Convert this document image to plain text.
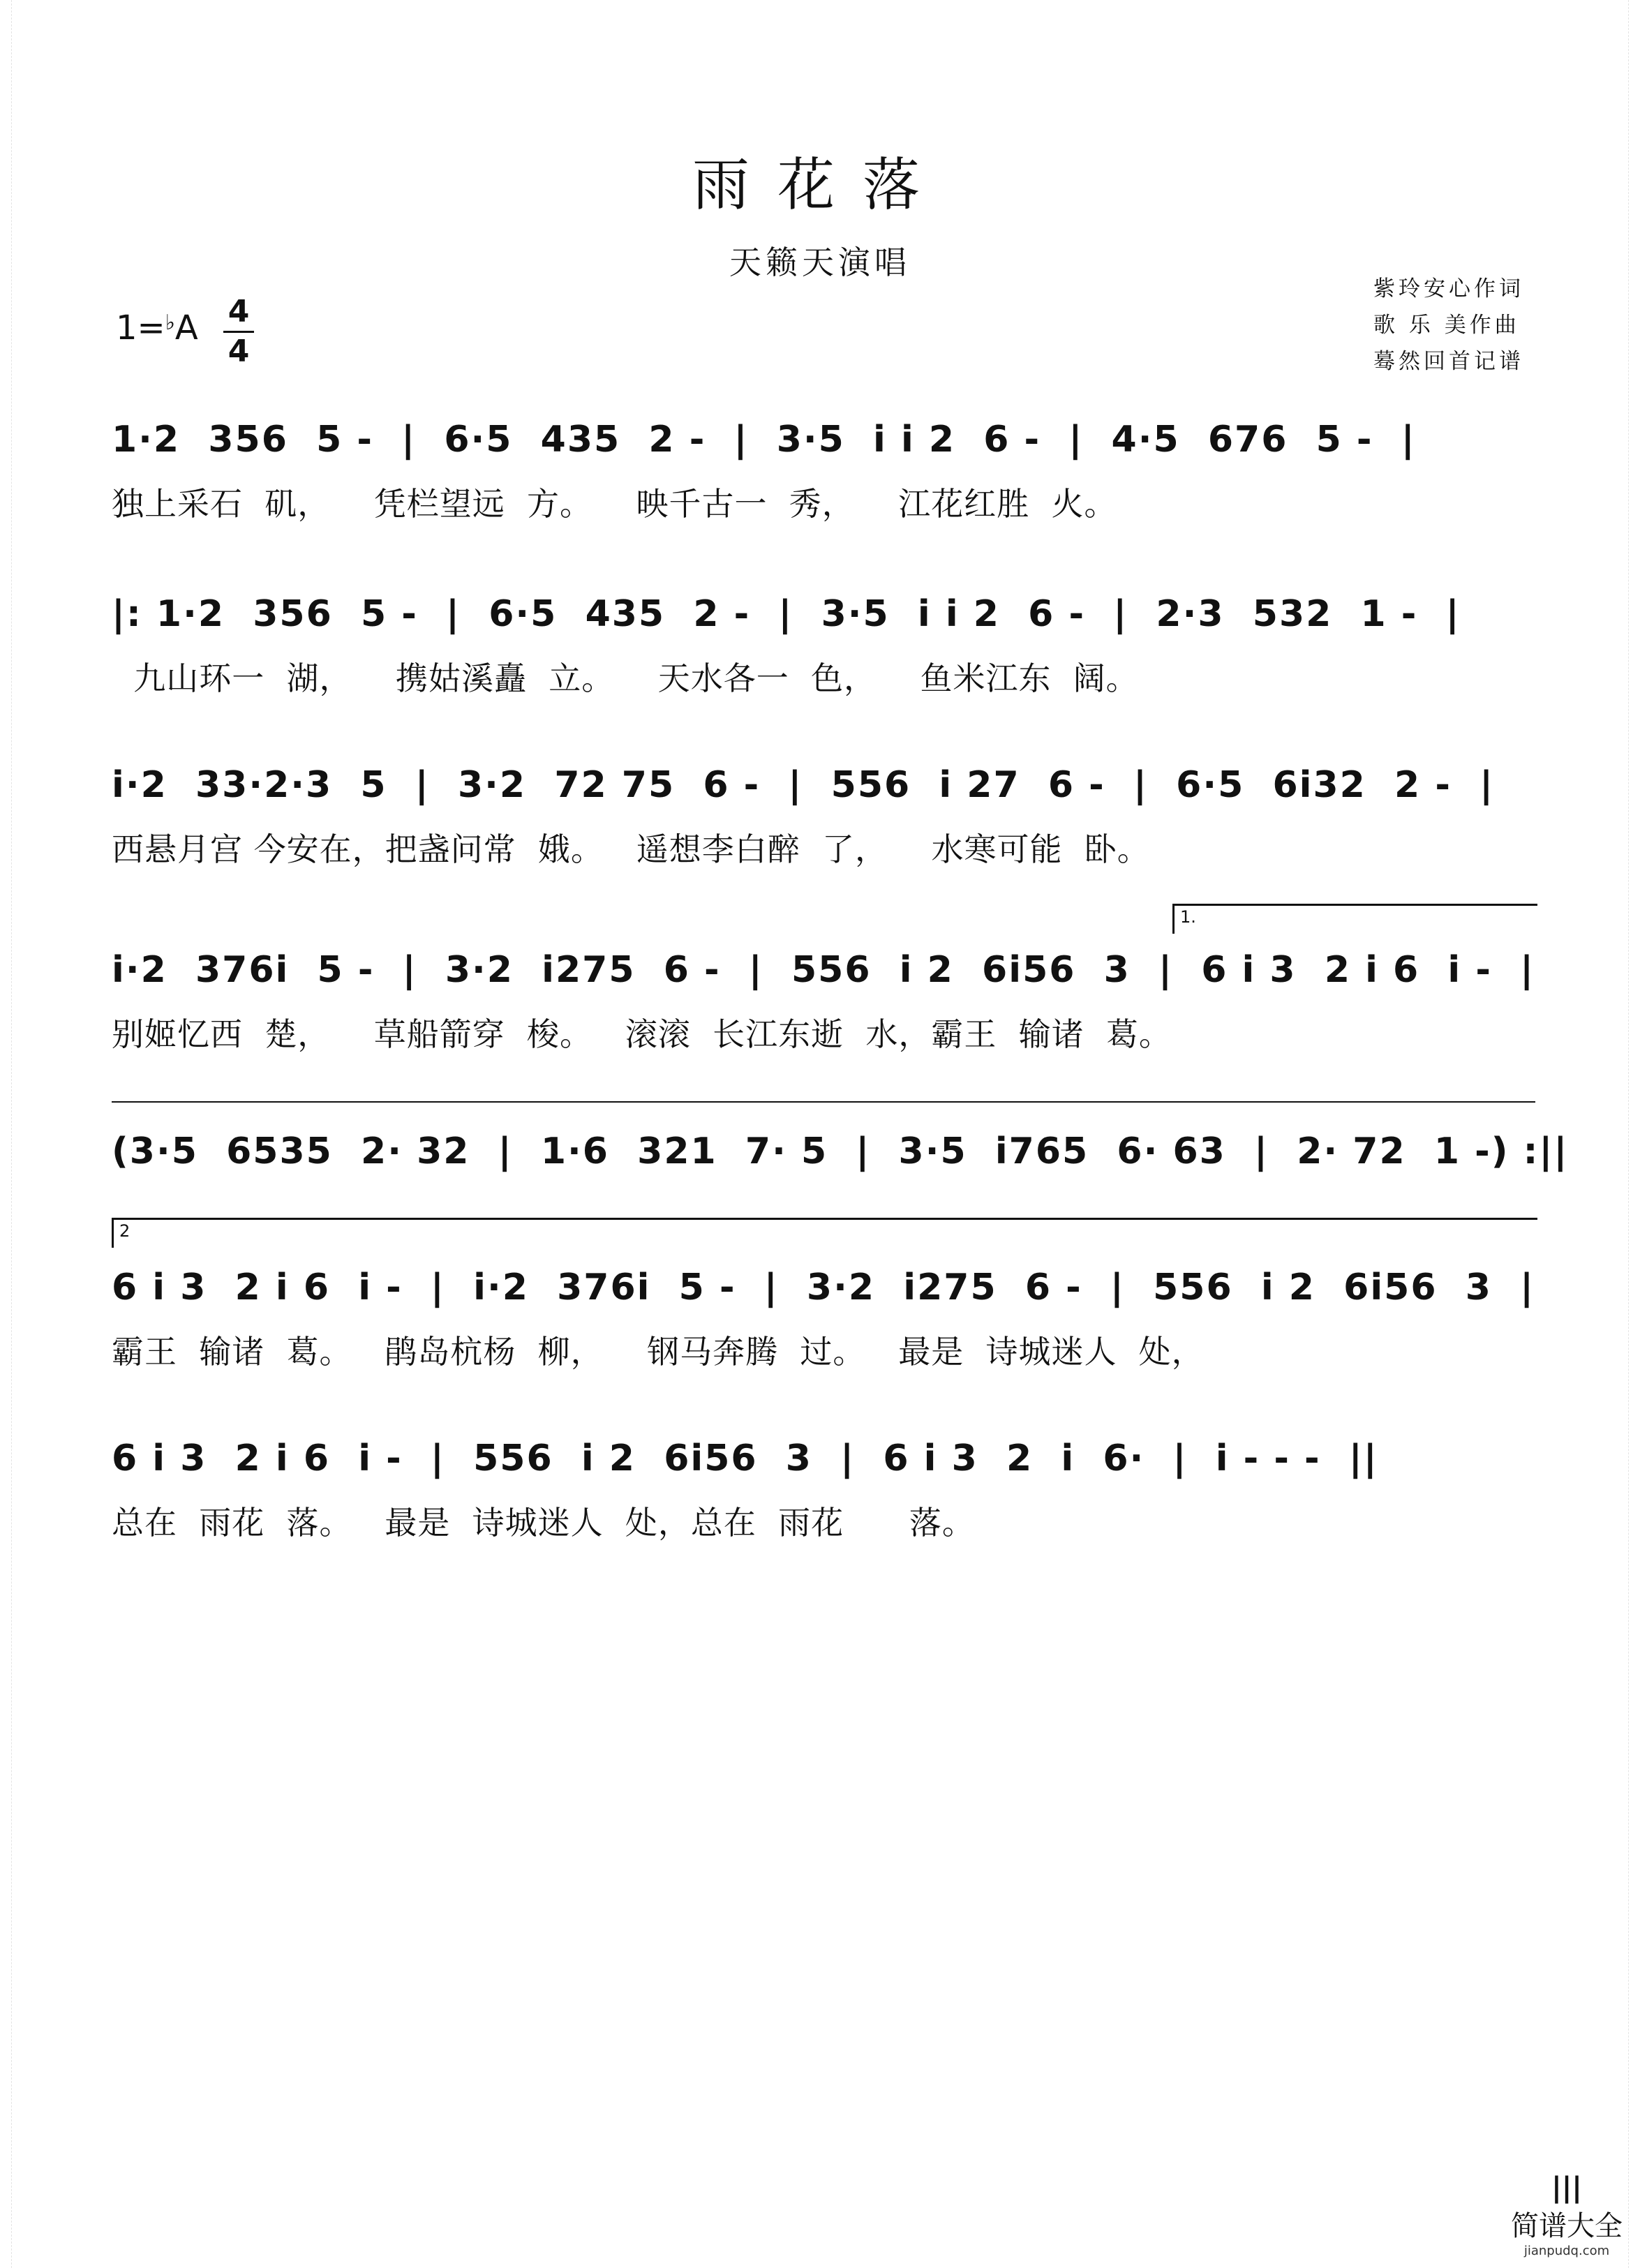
雨花落
天籁天演唱
紫玲安心作词
歌 乐 美作曲
蓦然回首记谱
1=♭A 4
4
1·2  356  5 -  |  6·5  435  2 -  |  3·5  i i 2  6 -  |  4·5  676  5 -  |
独上采石  矶，    凭栏望远  方。    映千古一  秀，    江花红胜  火。
|: 1·2  356  5 -  |  6·5  435  2 -  |  3·5  i i 2  6 -  |  2·3  532  1 -  |
九山环一  湖，    携姑溪矗  立。    天水各一  色，    鱼米江东  阔。
i·2  33·2·3  5  |  3·2  72 75  6 -  |  556  i 27  6 -  |  6·5  6i32  2 -  |
西悬月宫 今安在，把盏问常  娥。   遥想李白醉  了，    水寒可能  卧。
1.
i·2  376i  5 -  |  3·2  i275  6 -  |  556  i 2  6i56  3  |  6 i 3  2 i 6  i -  |
别姬忆西  楚，    草船箭穿  梭。   滚滚  长江东逝  水，霸王  输诸  葛。
(3·5  6535  2· 32  |  1·6  321  7· 5  |  3·5  i765  6· 63  |  2· 72  1 -) :||
2
6 i 3  2 i 6  i -  |  i·2  376i  5 -  |  3·2  i275  6 -  |  556  i 2  6i56  3  |
霸王  输诸  葛。   鹃岛杭杨  柳，    钢马奔腾  过。   最是  诗城迷人  处，
6 i 3  2 i 6  i -  |  556  i 2  6i56  3  |  6 i 3  2  i  6·  |  i - - -  ||
总在  雨花  落。   最是  诗城迷人  处，总在  雨花      落。
||| 简谱大全
jianpudq.com
